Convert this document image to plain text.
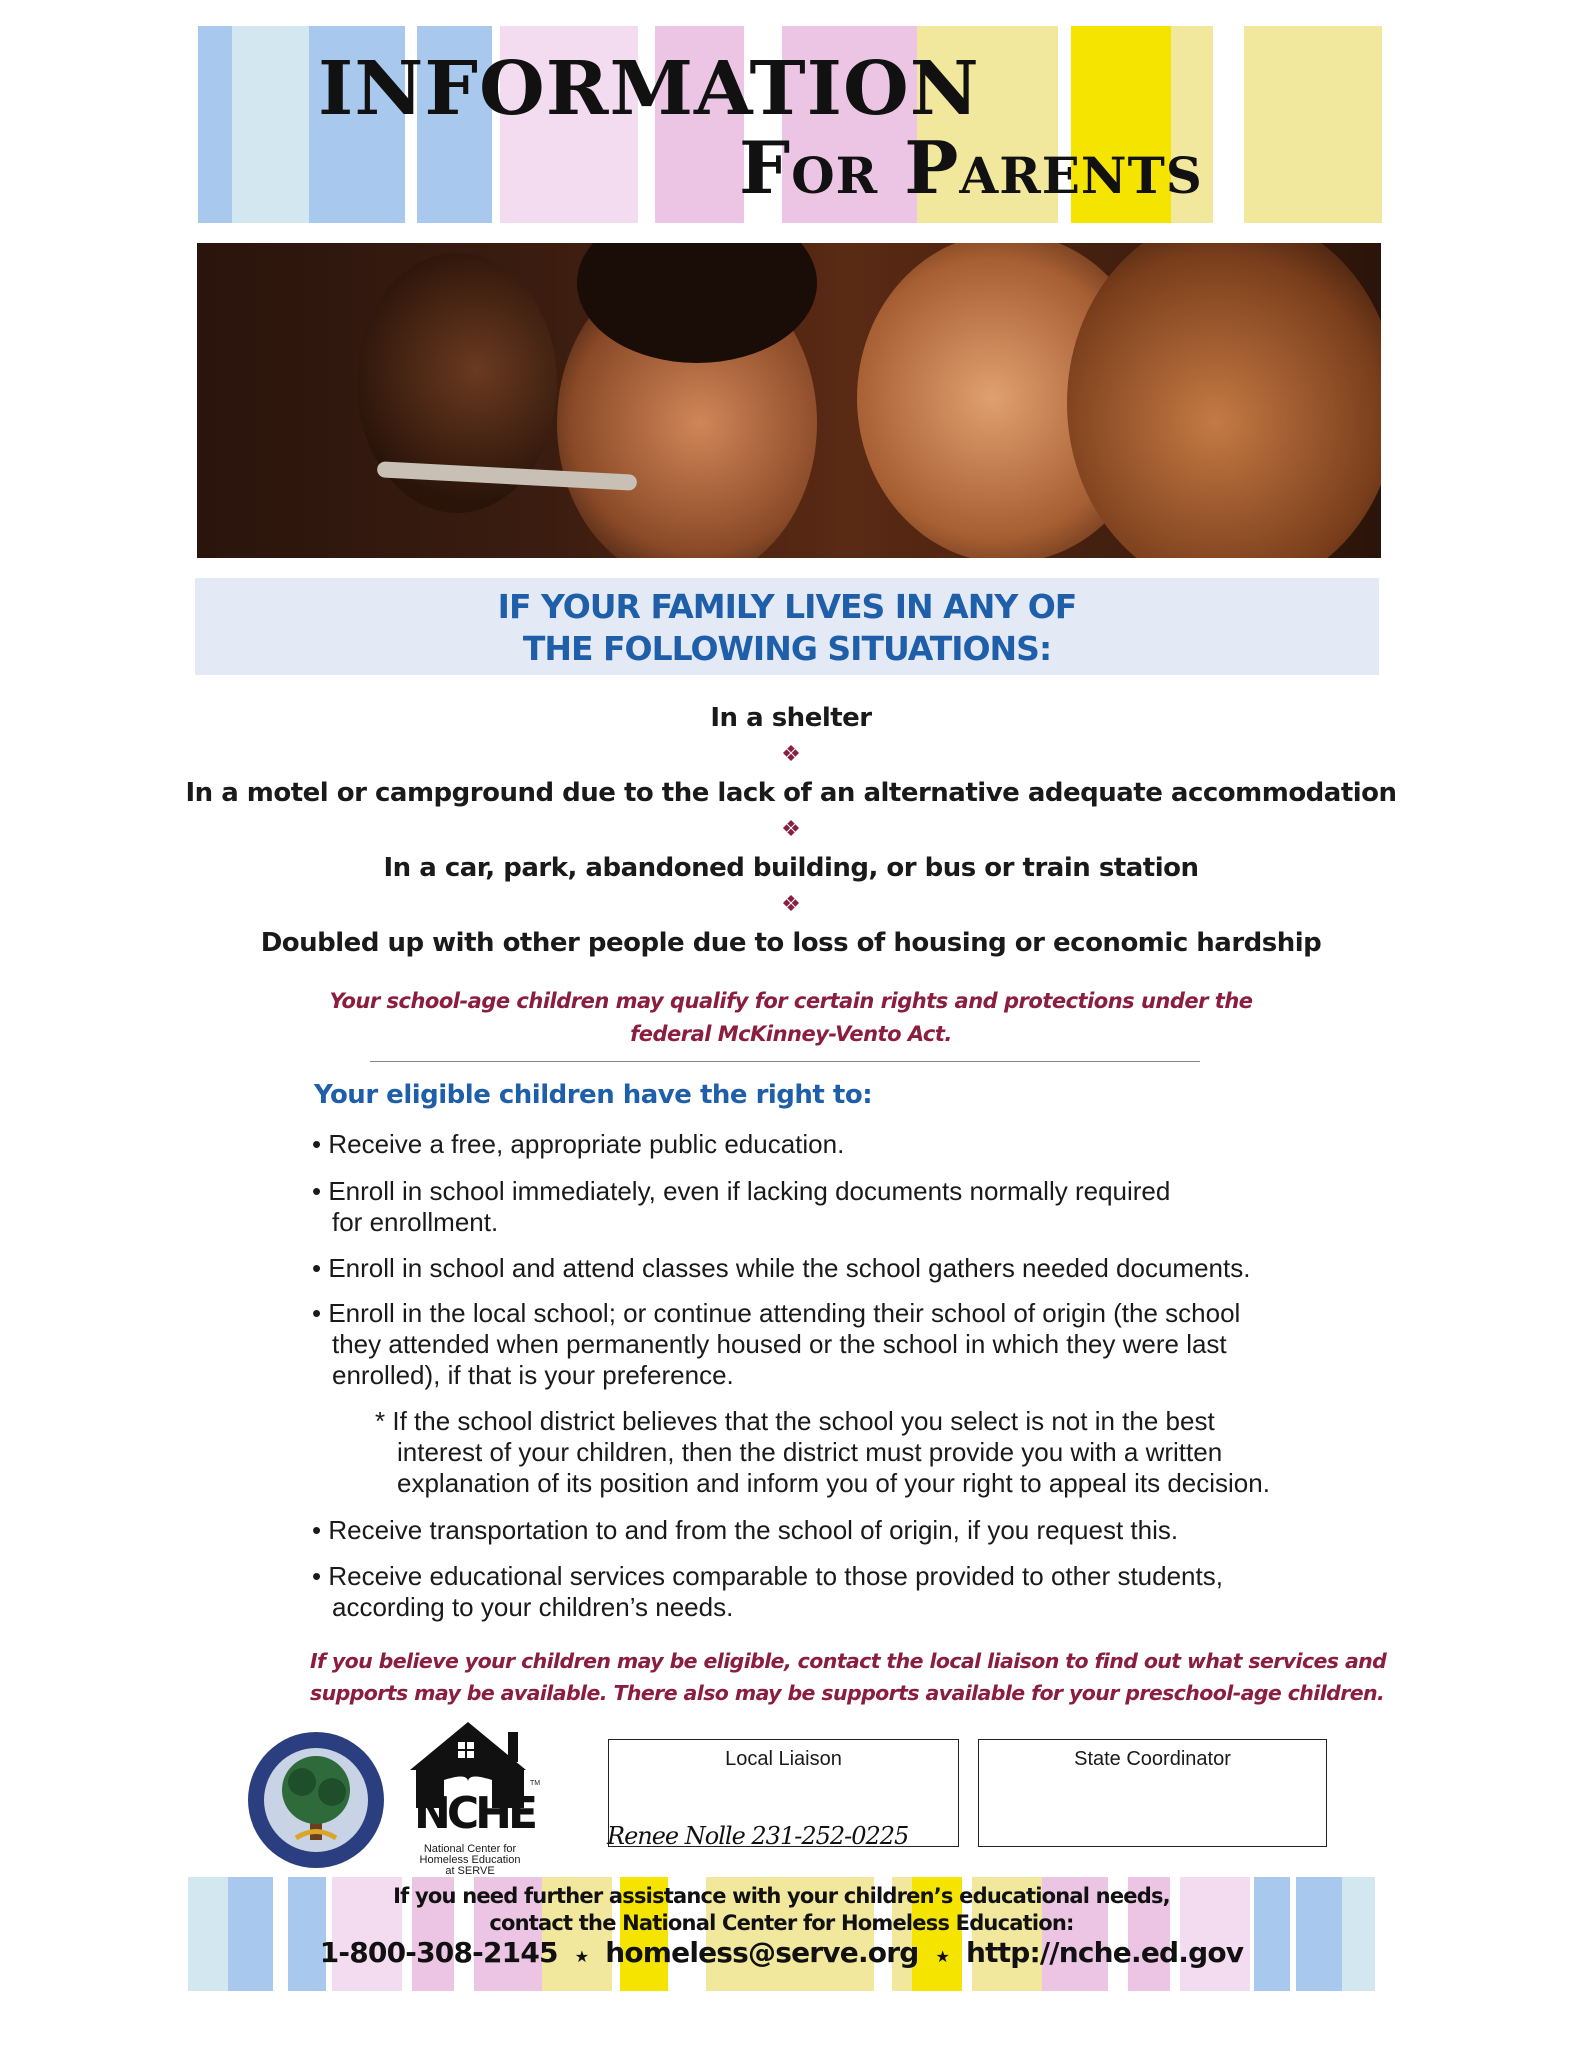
INFORMATION
For Parents
IF YOUR FAMILY LIVES IN ANY OF
THE FOLLOWING SITUATIONS:
In a shelter
❖
In a motel or campground due to the lack of an alternative adequate accommodation
❖
In a car, park, abandoned building, or bus or train station
❖
Doubled up with other people due to loss of housing or economic hardship
Your school-age children may qualify for certain rights and protections under the
federal McKinney-Vento Act.
Your eligible children have the right to:
• Receive a free, appropriate public education.
• Enroll in school immediately, even if lacking documents normally required
for enrollment.
• Enroll in school and attend classes while the school gathers needed documents.
• Enroll in the local school; or continue attending their school of origin (the school
they attended when permanently housed or the school in which they were last
enrolled), if that is your preference.
* If the school district believes that the school you select is not in the best
interest of your children, then the district must provide you with a written
explanation of its position and inform you of your right to appeal its decision.
• Receive transportation to and from the school of origin, if you request this.
• Receive educational services comparable to those provided to other students,
according to your children’s needs.
If you believe your children may be eligible, contact the local liaison to find out what services and
supports may be available. There also may be supports available for your preschool-age children.
NCHE
TM
National Center for
Homeless Education
at SERVE
Local Liaison
Renee Nolle 231-252-0225
State Coordinator
If you need further assistance with your children’s educational needs,
contact the National Center for Homeless Education:
1-800-308-2145 ★ homeless@serve.org ★ http://nche.ed.gov
